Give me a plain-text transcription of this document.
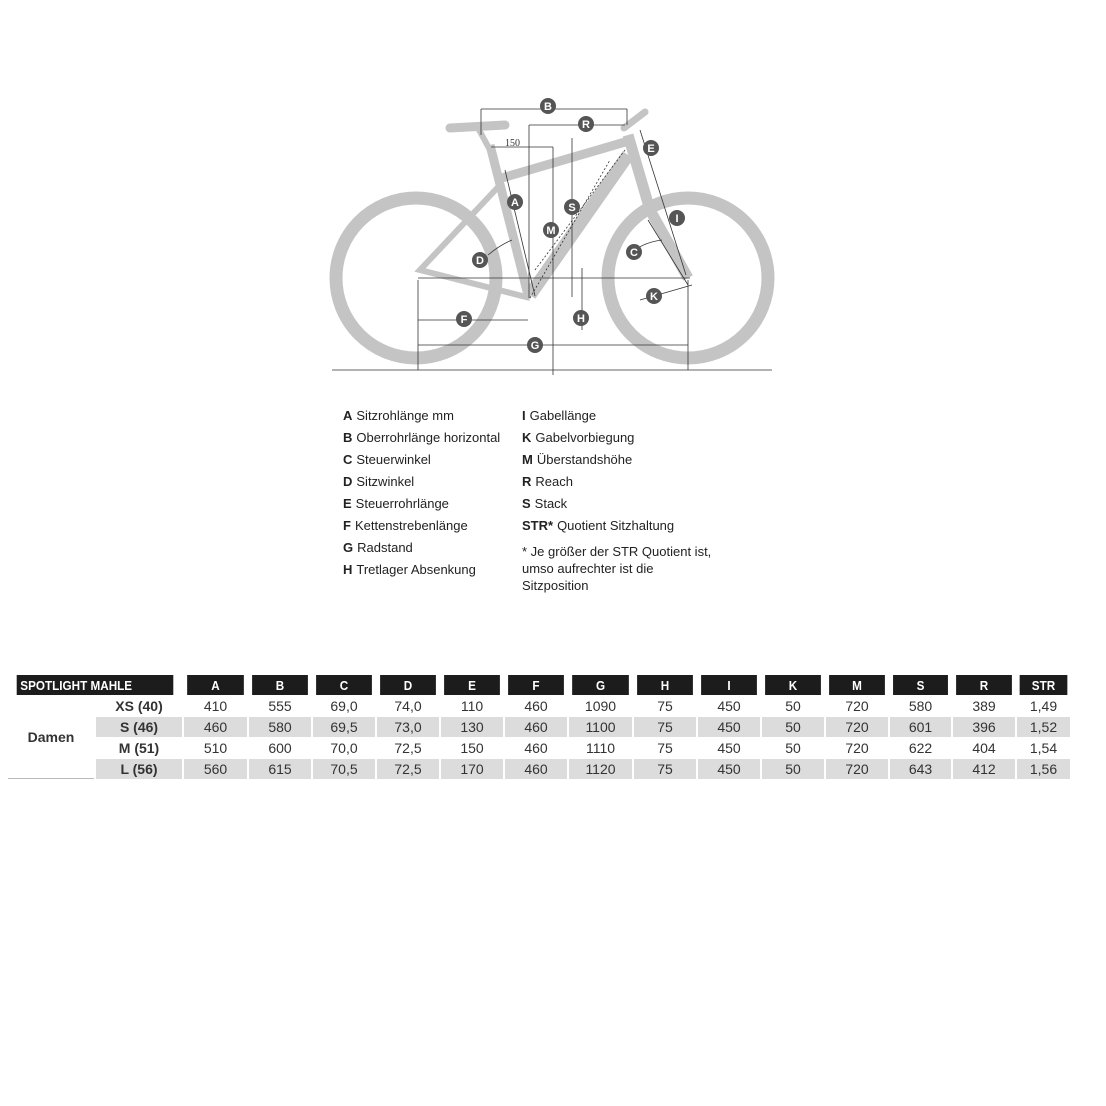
150
A
B
C
D
E
F
G
H
I
K
M
R
S
A Sitzrohlänge mm
B Oberrohrlänge horizontal
C Steuerwinkel
D Sitzwinkel
E Steuerrohrlänge
F Kettenstrebenlänge
G Radstand
H Tretlager Absenkung
I Gabellänge
K Gabelvorbiegung
M Überstandshöhe
R Reach
S Stack
STR* Quotient Sitzhaltung
* Je größer der STR Quotient ist, umso aufrechter ist die Sitzposition
SPOTLIGHT MAHLE		A	B	C	D	E	F	G	H	I	K	M	S	R	STR
Damen	XS (40)	410	555	69,0	74,0	110	460	1090	75	450	50	720	580	389	1,49
	S (46)	460	580	69,5	73,0	130	460	1100	75	450	50	720	601	396	1,52
	M (51)	510	600	70,0	72,5	150	460	1110	75	450	50	720	622	404	1,54
	L (56)	560	615	70,5	72,5	170	460	1120	75	450	50	720	643	412	1,56
